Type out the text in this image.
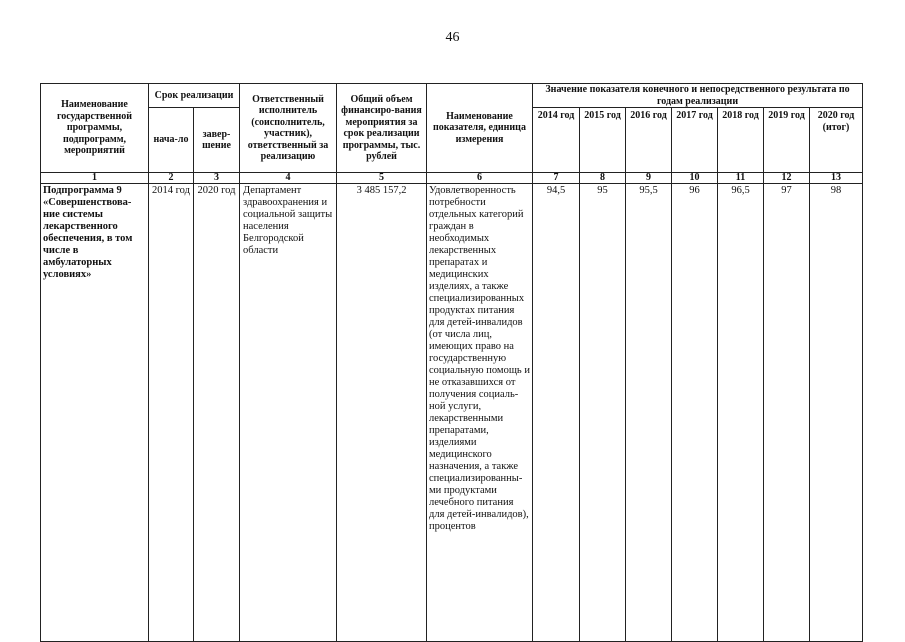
46
Наименование государственной программы, подпрограмм, мероприятий	Срок реализации		Ответственный исполнитель (соисполнитель, участник), ответственный за реализацию	Общий объем финансиро-вания мероприятия за срок реализации программы, тыс. рублей	Наименование показателя, единица измерения	Значение показателя конечного и непосредственного результата по годам реализации						
	нача-ло	завер-шение				2014 год	2015 год	2016 год	2017 год	2018 год	2019 год	2020 год (итог)
1	2	3	4	5	6	7	8	9	10	11	12	13
Подпрограмма 9 «Совершенствова-ние системы лекарственного обеспечения, в том числе в амбулаторных условиях»	2014 год	2020 год	Департамент здравоохранения и социальной защиты населения Белгородской области	3 485 157,2	Удовлетворенность потребности отдельных категорий граждан в необходимых лекарственных препаратах и медицинских изделиях, а также специализированных продуктах питания для детей-инвалидов (от числа лиц, имеющих право на государственную социальную помощь и не отказавшихся от получения социаль-ной услуги, лекарственными препаратами, изделиями медицинского назначения, а также специализированны-ми продуктами лечебного питания для детей-инвалидов), процентов	94,5	95	95,5	96	96,5	97	98
